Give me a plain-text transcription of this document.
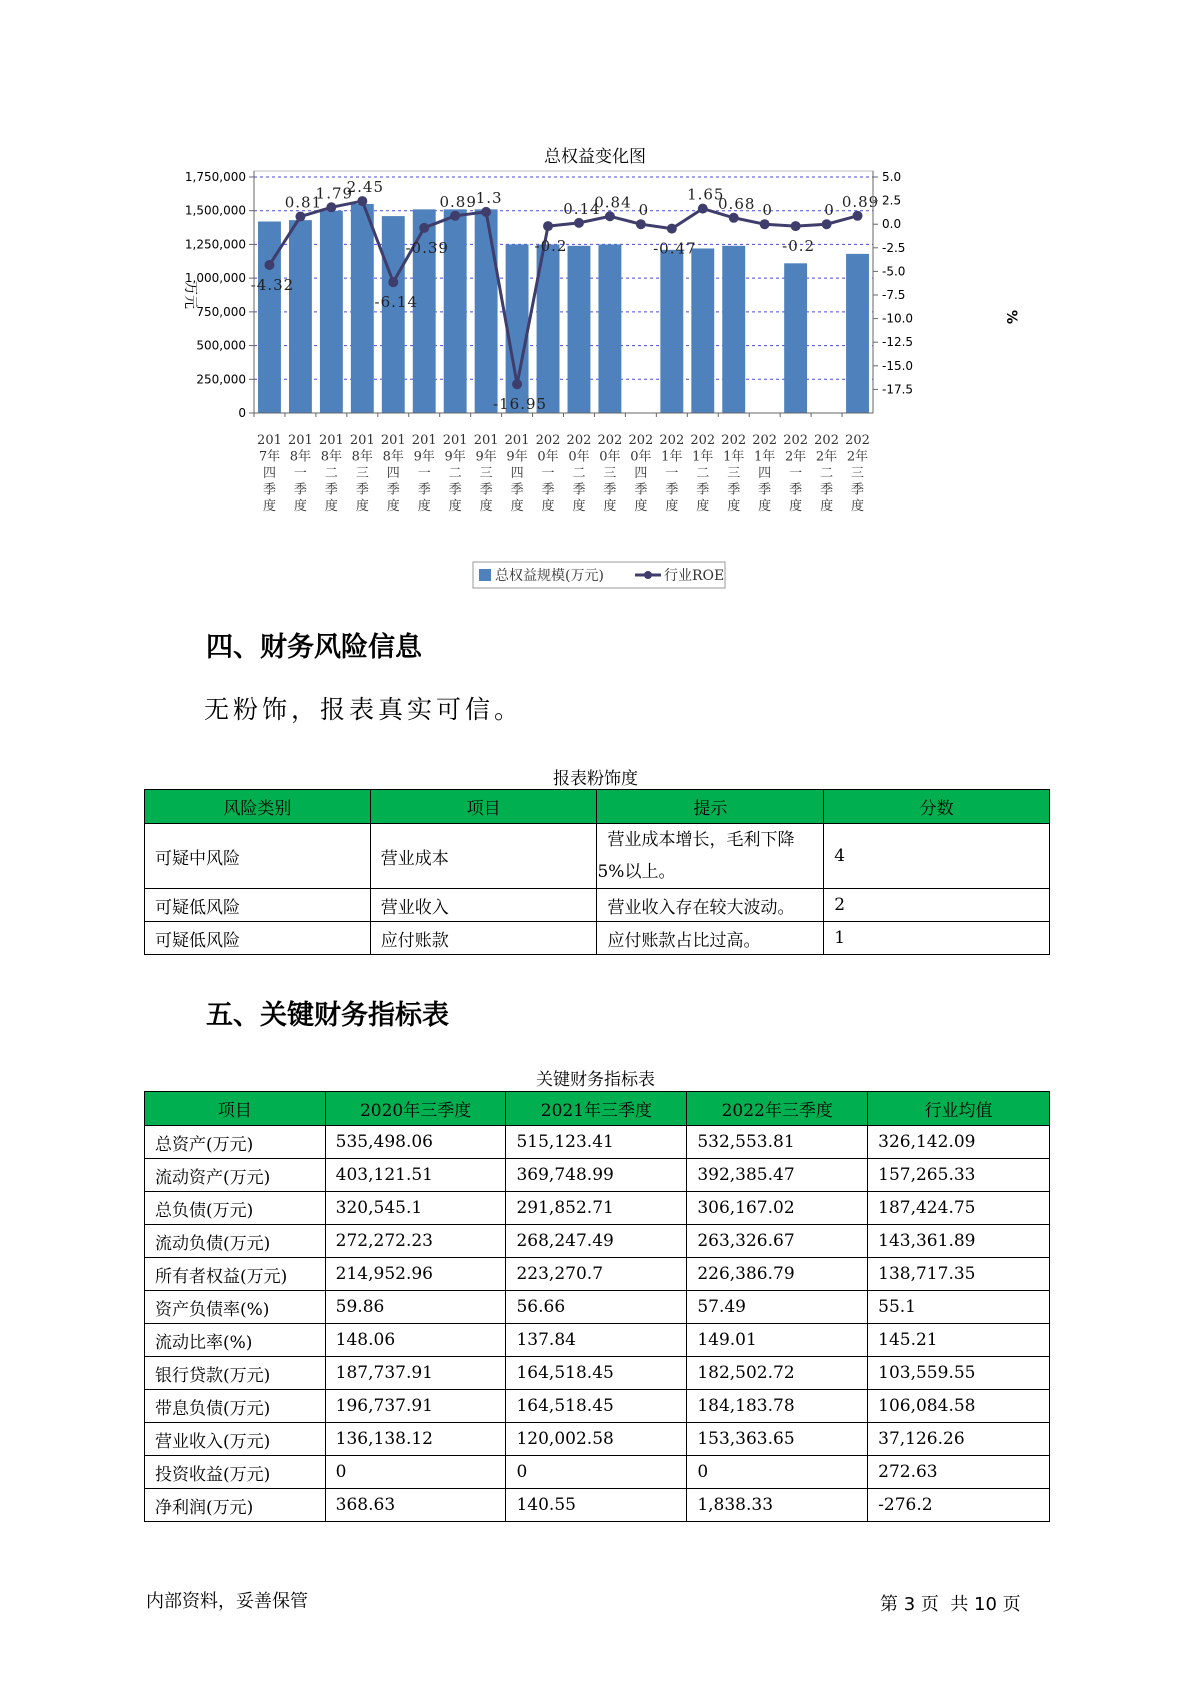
总权益变化图
-4.32
0.81
1.79
2.45
-6.14
-0.39
0.89
1.3
-16.95
-0.2
0.14
0.84 0
-0.47
1.65
0.68 0
-0.2
0 0.89
0
250,000
500,000
750,000
1,000,000
1,250,000
1,500,000
1,750,000	5.0
2.5
0.0
-2.5
-5.0
-7.5
-10.0
-12.5
-15.0
-17.5
201
7年
四
季
度
201
8年
一
季
度
201
8年
二
季
度
201
8年
三
季
度
201
8年
四
季
度
201
9年
一
季
度
201
9年
二
季
度
201
9年
三
季
度
201
9年
四
季
度
202
0年
一
季
度
202
0年
二
季
度
202
0年
三
季
度
202
0年
四
季
度
202
1年
一
季
度
202
1年
二
季
度
202
1年
三
季
度
202
1年
四
季
度
202
2年
一
季
度
202
2年
二
季
度
202
2年
三
季
度
万元
%
总权益规模(万元)	行业ROE
四、财务风险信息
无粉饰，报表真实可信。
报表粉饰度
风险类别	项目	提示	分数
可疑中风险	营业成本	营业成本增长，毛利下降
5%以上。	4
可疑低风险	营业收入	营业收入存在较大波动。	2
可疑低风险	应付账款	应付账款占比过高。	1
五、关键财务指标表
关键财务指标表
项目	2020年三季度	2021年三季度	2022年三季度	行业均值
总资产(万元)	535,498.06	515,123.41	532,553.81	326,142.09
流动资产(万元)	403,121.51	369,748.99	392,385.47	157,265.33
总负债(万元)	320,545.1	291,852.71	306,167.02	187,424.75
流动负债(万元)	272,272.23	268,247.49	263,326.67	143,361.89
所有者权益(万元)	214,952.96	223,270.7	226,386.79	138,717.35
资产负债率(%)	59.86	56.66	57.49	55.1
流动比率(%)	148.06	137.84	149.01	145.21
银行贷款(万元)	187,737.91	164,518.45	182,502.72	103,559.55
带息负债(万元)	196,737.91	164,518.45	184,183.78	106,084.58
营业收入(万元)	136,138.12	120,002.58	153,363.65	37,126.26
投资收益(万元)	0	0	0	272.63
净利润(万元)	368.63	140.55	1,838.33	-276.2
内部资料，妥善保管	第 3 页  共 10 页
